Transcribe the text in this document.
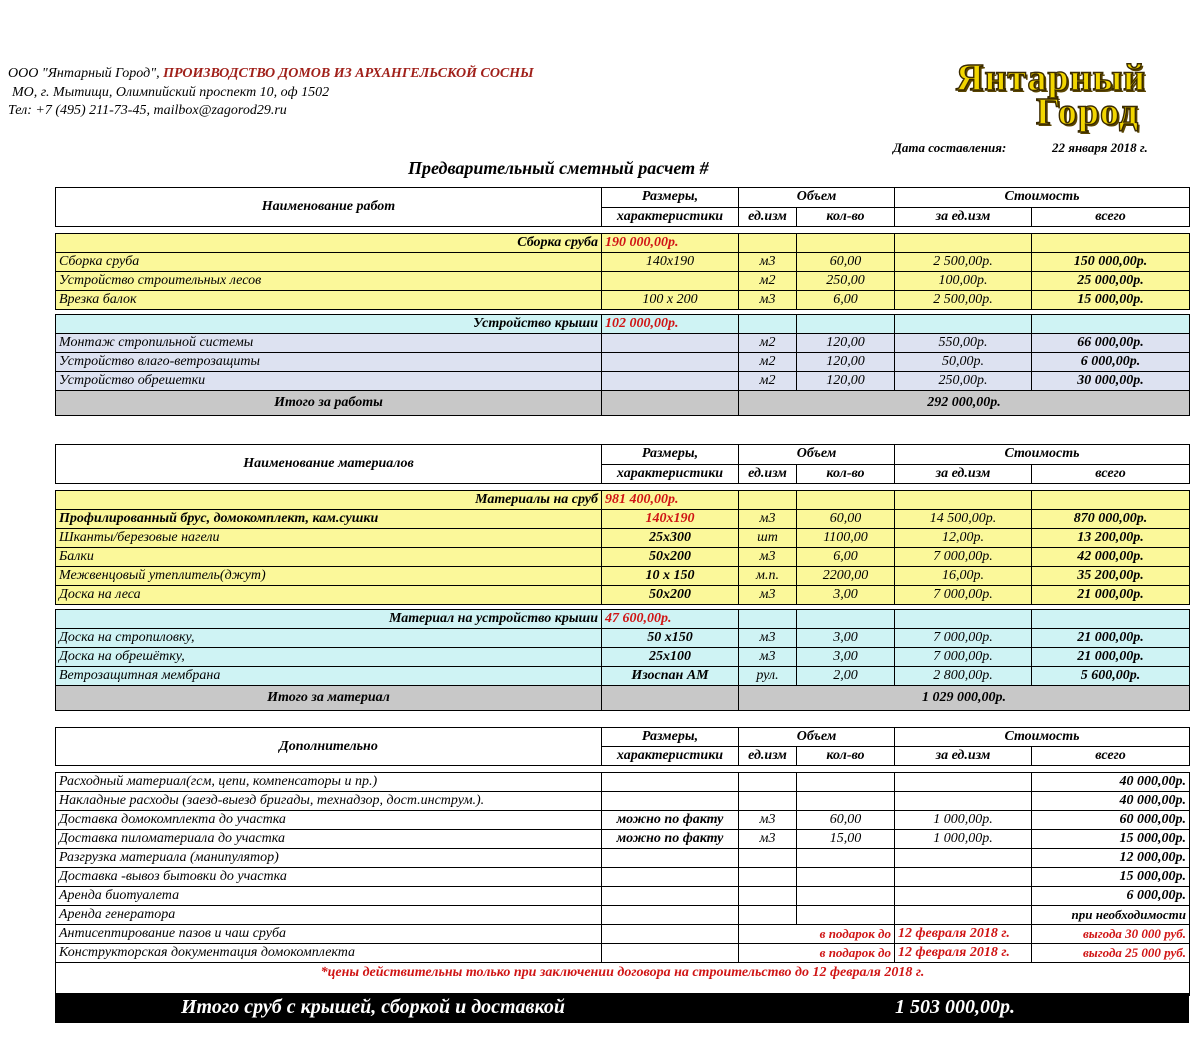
ООО "Янтарный Город", ПРОИЗВОДСТВО ДОМОВ ИЗ АРХАНГЕЛЬСКОЙ СОСНЫ
МО, г. Мытищи, Олимпийский проспект 10, оф 1502
Тел: +7 (495) 211-73-45, mailbox@zagorod29.ru
Янтарный
Город
Дата составления:	22 января 2018 г.
Предварительный сметный расчет #
Наименование работ	Размеры,	Объем		Стоимость	
	характеристики	ед.изм	кол-во	за ед.изм	всего

Сборка сруба	190 000,00р.				
Сборка сруба	140x190	м3	60,00	2 500,00р.	150 000,00р.
Устройство строительных лесов		м2	250,00	100,00р.	25 000,00р.
Врезка балок	100 х 200	м3	6,00	2 500,00р.	15 000,00р.

Устройство крыши	102 000,00р.				
Монтаж стропильной системы		м2	120,00	550,00р.	66 000,00р.
Устройство влаго-ветрозащиты		м2	120,00	50,00р.	6 000,00р.
Устройство обрешетки		м2	120,00	250,00р.	30 000,00р.
Итого за работы		292 000,00р.			
Наименование материалов	Размеры,	Объем		Стоимость	
	характеристики	ед.изм	кол-во	за ед.изм	всего

Материалы на сруб	981 400,00р.				
Профилированный брус, домокомплект, кам.сушки	140x190	м3	60,00	14 500,00р.	870 000,00р.
Шканты/березовые нагели	25x300	шт	1100,00	12,00р.	13 200,00р.
Балки	50x200	м3	6,00	7 000,00р.	42 000,00р.
Межвенцовый утеплитель(джут)	10 х 150	м.п.	2200,00	16,00р.	35 200,00р.
Доска на леса	50x200	м3	3,00	7 000,00р.	21 000,00р.

Материал на устройство крыши	47 600,00р.				
Доска на стропиловку,	50 х150	м3	3,00	7 000,00р.	21 000,00р.
Доска на обрешётку,	25х100	м3	3,00	7 000,00р.	21 000,00р.
Ветрозащитная мембрана	Изоспан АМ	рул.	2,00	2 800,00р.	5 600,00р.
Итого за материал		1 029 000,00р.			
Дополнительно	Размеры,	Объем		Стоимость	
	характеристики	ед.изм	кол-во	за ед.изм	всего

Расходный материал(гсм, цепи, компенсаторы и пр.)					40 000,00р.
Накладные расходы (заезд-выезд бригады, технадзор, дост.инструм.).					40 000,00р.
Доставка домокомплекта до участка	можно по факту	м3	60,00	1 000,00р.	60 000,00р.
Доставка пиломатериала до участка	можно по факту	м3	15,00	1 000,00р.	15 000,00р.
Разгрузка материала (манипулятор)					12 000,00р.
Доставка -вывоз бытовки до участка					15 000,00р.
Аренда биотуалета					6 000,00р.
Аренда генератора					при необходимости
Антисептирование пазов и чаш сруба		в подарок до		12 февраля 2018 г.	выгода 30 000 руб.
Конструкторская документация домокомплекта		в подарок до		12 февраля 2018 г.	выгода 25 000 руб.
*цены действительны только при заключении договора на строительство до 12 февраля 2018 г.					
Итого сруб с крышей, сборкой и доставкой	1 503 000,00р.
